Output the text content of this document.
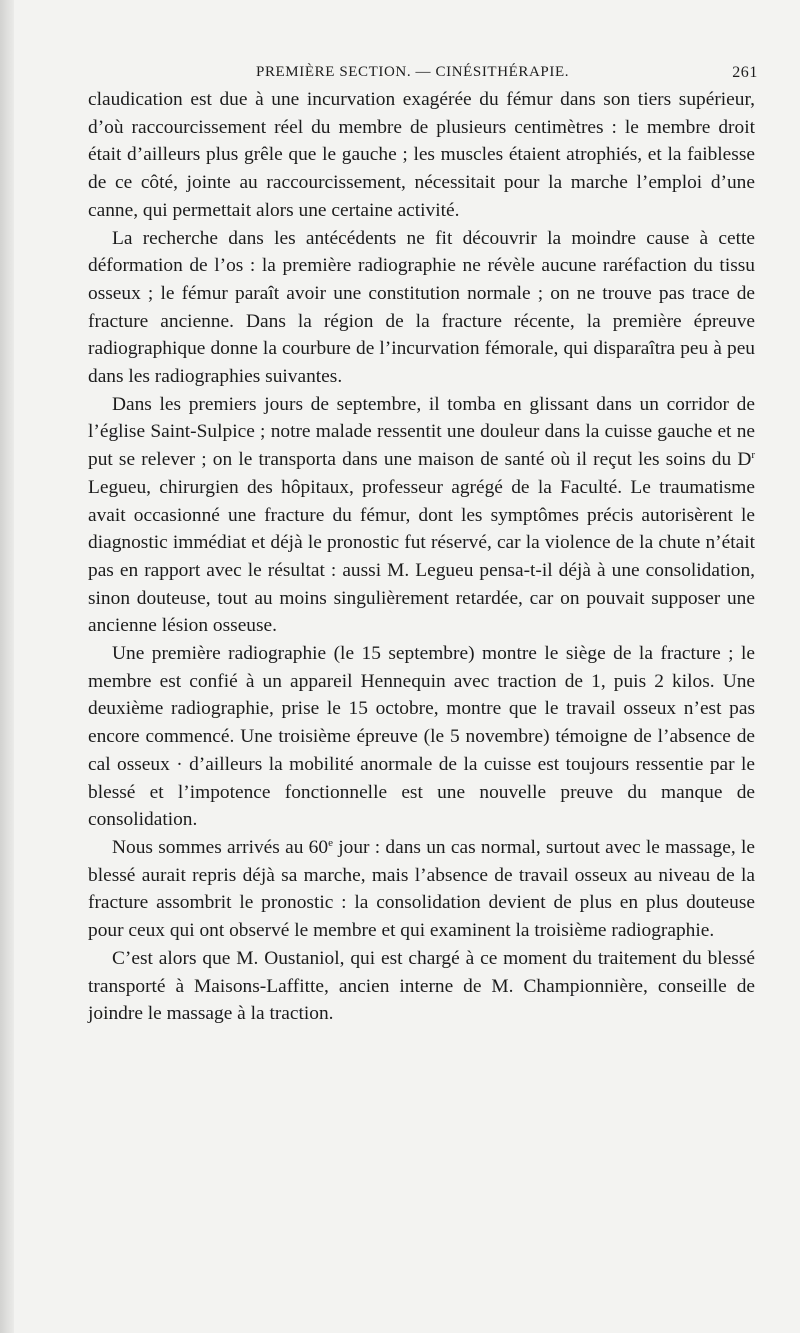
PREMIÈRE SECTION. — CINÉSITHÉRAPIE.	261

claudication est due à une incurvation exagérée du fémur dans son tiers supérieur, d’où raccourcissement réel du membre de plusieurs centimètres : le membre droit était d’ailleurs plus grêle que le gauche ; les muscles étaient atrophiés, et la faiblesse de ce côté, jointe au raccourcissement, nécessitait pour la marche l’emploi d’une canne, qui permettait alors une certaine activité.

La recherche dans les antécédents ne fit découvrir la moindre cause à cette déformation de l’os : la première radiographie ne révèle aucune raréfaction du tissu osseux ; le fémur paraît avoir une constitution normale ; on ne trouve pas trace de fracture ancienne. Dans la région de la fracture récente, la première épreuve radiographique donne la courbure de l’incurvation fémorale, qui disparaîtra peu à peu dans les radiographies suivantes.

Dans les premiers jours de septembre, il tomba en glissant dans un corridor de l’église Saint-Sulpice ; notre malade ressentit une douleur dans la cuisse gauche et ne put se relever ; on le transporta dans une maison de santé où il reçut les soins du $D^r$ Legueu, chirurgien des hôpitaux, professeur agrégé de la Faculté. Le traumatisme avait occasionné une fracture du fémur, dont les symptômes précis autorisèrent le diagnostic immédiat et déjà le pronostic fut réservé, car la violence de la chute n’était pas en rapport avec le résultat : aussi M. Legueu pensa-t-il déjà à une consolidation, sinon douteuse, tout au moins singulièrement retardée, car on pouvait supposer une ancienne lésion osseuse.

Une première radiographie (le 15 septembre) montre le siège de la fracture ; le membre est confié à un appareil Hennequin avec traction de 1, puis 2 kilos. Une deuxième radiographie, prise le 15 octobre, montre que le travail osseux n’est pas encore commencé. Une troisième épreuve (le 5 novembre) témoigne de l’absence de cal osseux · d’ailleurs la mobilité anormale de la cuisse est toujours ressentie par le blessé et l’impotence fonctionnelle est une nouvelle preuve du manque de consolidation.

Nous sommes arrivés au 60e jour : dans un cas normal, surtout avec le massage, le blessé aurait repris déjà sa marche, mais l’absence de travail osseux au niveau de la fracture assombrit le pronostic : la consolidation devient de plus en plus douteuse pour ceux qui ont observé le membre et qui examinent la troisième radiographie.

C’est alors que M. Oustaniol, qui est chargé à ce moment du traitement du blessé transporté à Maisons-Laffitte, ancien interne de M. Championnière, conseille de joindre le massage à la traction.
